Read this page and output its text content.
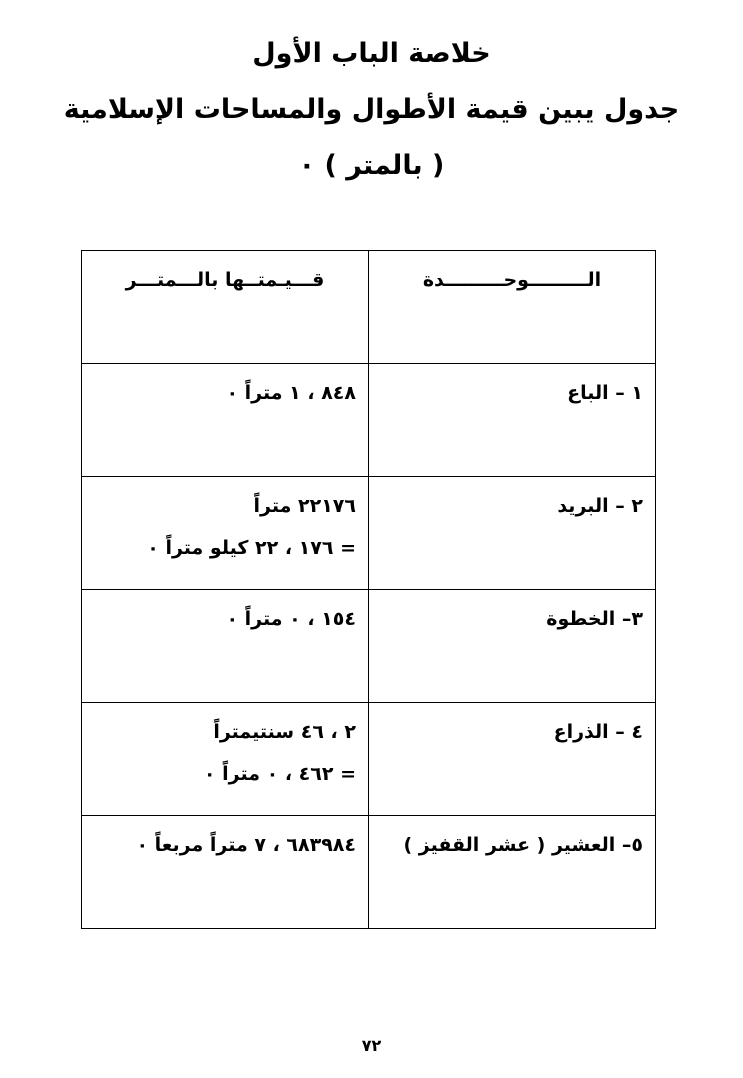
خلاصة الباب الأول
جدول يبين قيمة الأطوال والمساحات الإسلامية
( بالمتر ) ٠
الـــــــــوحـــــــــدة	قـــيـمتــها بالـــمتـــر
١ – الباع	٨٤٨ ، ١ متراً ٠

٢ – البريد	٢٢١٧٦ متراً
= ١٧٦ ، ٢٢ كيلو متراً ٠

٣– الخطوة	١٥٤ ، ٠ متراً ٠

٤ – الذراع	٢ ، ٤٦ سنتيمتراً
= ٤٦٢ ، ٠ متراً ٠

٥– العشير ( عشر القفيز )	٦٨٣٩٨٤ ، ٧ متراً مربعاً ٠
٧٢
